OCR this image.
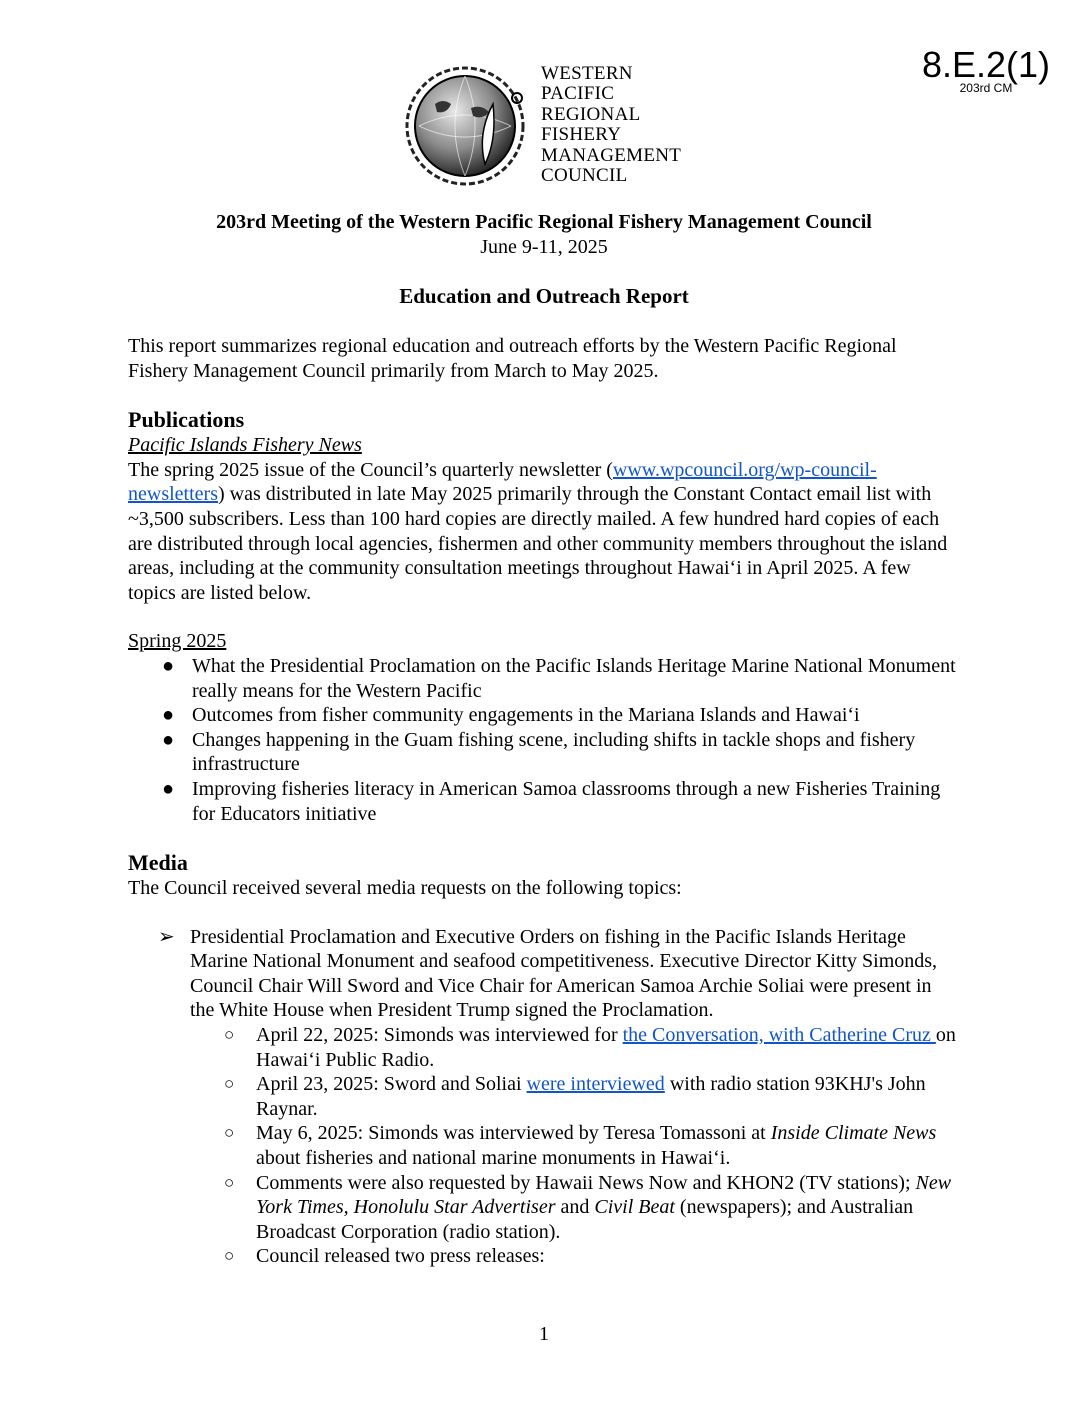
8.E.2(1)
203rd CM
WESTERN
PACIFIC
REGIONAL
FISHERY
MANAGEMENT
COUNCIL
203rd Meeting of the Western Pacific Regional Fishery Management Council
June 9-11, 2025
Education and Outreach Report

This report summarizes regional education and outreach efforts by the Western Pacific Regional Fishery Management Council primarily from March to May 2025.

Publications
Pacific Islands Fishery News

The spring 2025 issue of the Council’s quarterly newsletter (www.wpcouncil.org/wp-council-newsletters) was distributed in late May 2025 primarily through the Constant Contact email list with ~3,500 subscribers. Less than 100 hard copies are directly mailed. A few hundred hard copies of each are distributed through local agencies, fishermen and other community members throughout the island areas, including at the community consultation meetings throughout Hawai‘i in April 2025. A few topics are listed below.

Spring 2025
● What the Presidential Proclamation on the Pacific Islands Heritage Marine National Monument really means for the Western Pacific
● Outcomes from fisher community engagements in the Mariana Islands and Hawai‘i
● Changes happening in the Guam fishing scene, including shifts in tackle shops and fishery infrastructure
● Improving fisheries literacy in American Samoa classrooms through a new Fisheries Training for Educators initiative
Media

The Council received several media requests on the following topics:

➢ Presidential Proclamation and Executive Orders on fishing in the Pacific Islands Heritage Marine National Monument and seafood competitiveness. Executive Director Kitty Simonds, Council Chair Will Sword and Vice Chair for American Samoa Archie Soliai were present in the White House when President Trump signed the Proclamation.
○ April 22, 2025: Simonds was interviewed for the Conversation, with Catherine Cruz on Hawai‘i Public Radio.
○ April 23, 2025: Sword and Soliai were interviewed with radio station 93KHJ's John Raynar.
○ May 6, 2025: Simonds was interviewed by Teresa Tomassoni at Inside Climate News about fisheries and national marine monuments in Hawai‘i.
○ Comments were also requested by Hawaii News Now and KHON2 (TV stations); New York Times, Honolulu Star Advertiser and Civil Beat (newspapers); and Australian Broadcast Corporation (radio station).
○ Council released two press releases:
1
